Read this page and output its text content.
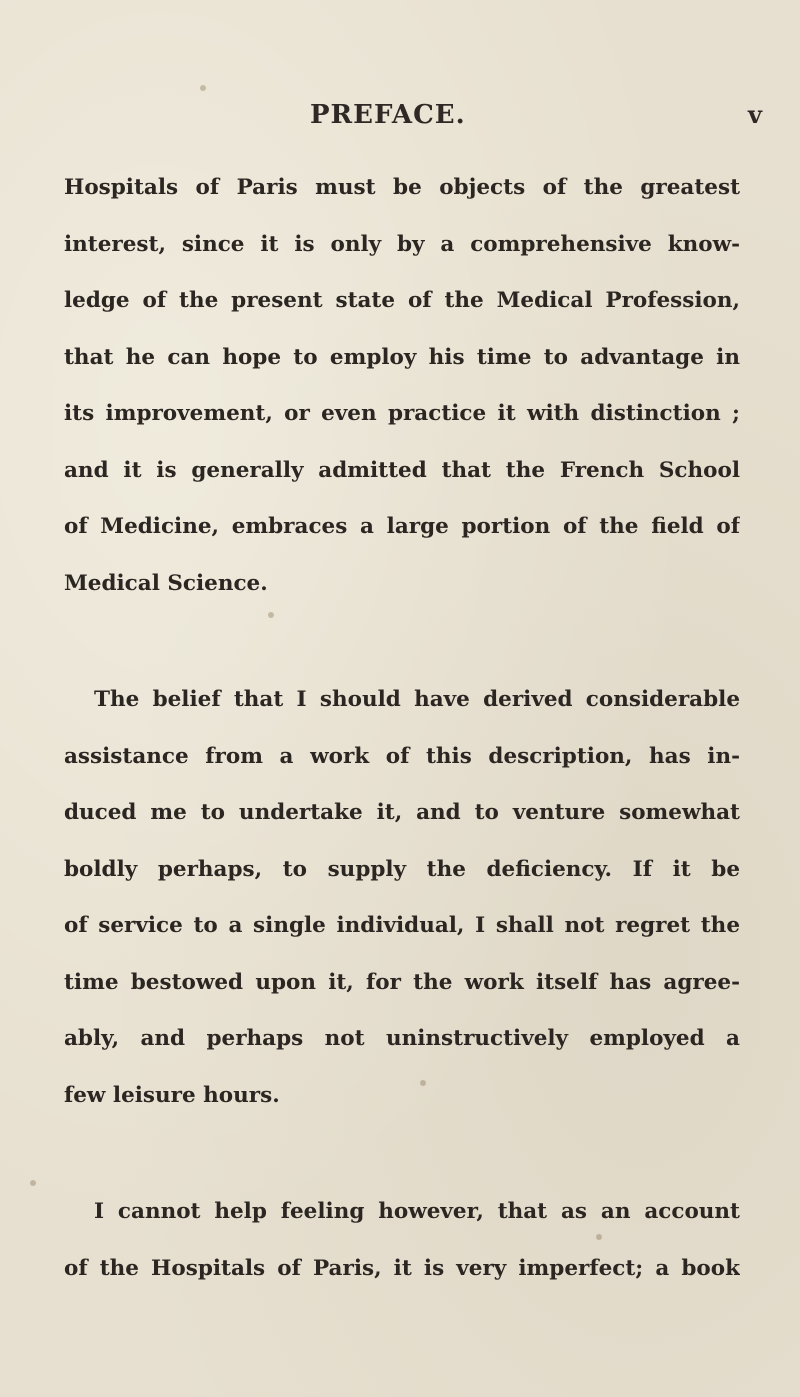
PREFACE.	v
Hospitals of Paris must be objects of the greatest
interest, since it is only by a comprehensive know-
ledge of the present state of the Medical Profession,
that he can hope to employ his time to advantage in
its improvement, or even practice it with distinction ;
and it is generally admitted that the French School
of Medicine, embraces a large portion of the field of
Medical Science.
The belief that I should have derived considerable
assistance from a work of this description, has in-
duced me to undertake it, and to venture somewhat
boldly perhaps, to supply the deficiency. If it be
of service to a single individual, I shall not regret the
time bestowed upon it, for the work itself has agree-
ably, and perhaps not uninstructively employed a
few leisure hours.
I cannot help feeling however, that as an account
of the Hospitals of Paris, it is very imperfect; a book
